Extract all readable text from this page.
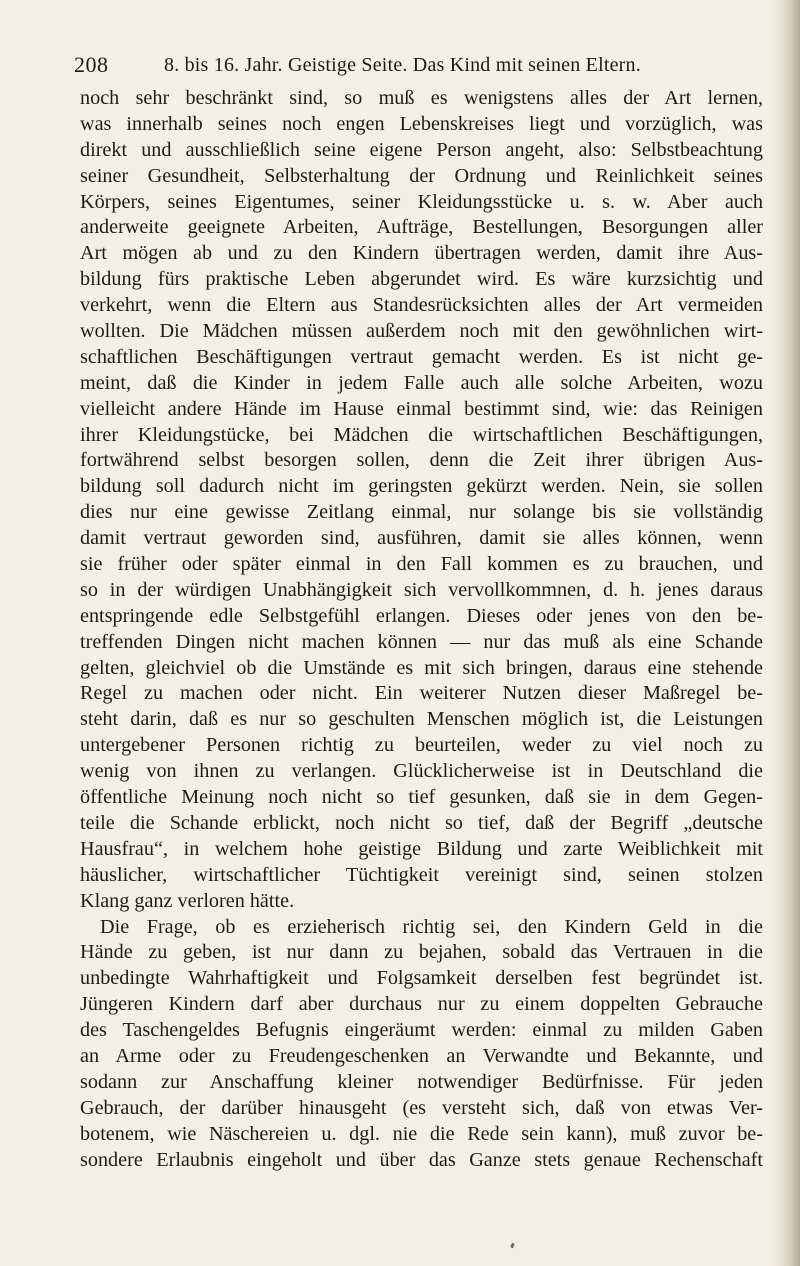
208	8. bis 16. Jahr. Geistige Seite. Das Kind mit seinen Eltern.
noch sehr beschränkt sind, so muß es wenigstens alles der Art lernen,
was innerhalb seines noch engen Lebenskreises liegt und vorzüglich, was
direkt und ausschließlich seine eigene Person angeht, also: Selbstbeachtung
seiner Gesundheit, Selbsterhaltung der Ordnung und Reinlichkeit seines
Körpers, seines Eigentumes, seiner Kleidungsstücke u. s. w. Aber auch
anderweite geeignete Arbeiten, Aufträge, Bestellungen, Besorgungen aller
Art mögen ab und zu den Kindern übertragen werden, damit ihre Aus-
bildung fürs praktische Leben abgerundet wird. Es wäre kurzsichtig und
verkehrt, wenn die Eltern aus Standesrücksichten alles der Art vermeiden
wollten. Die Mädchen müssen außerdem noch mit den gewöhnlichen wirt-
schaftlichen Beschäftigungen vertraut gemacht werden. Es ist nicht ge-
meint, daß die Kinder in jedem Falle auch alle solche Arbeiten, wozu
vielleicht andere Hände im Hause einmal bestimmt sind, wie: das Reinigen
ihrer Kleidungstücke, bei Mädchen die wirtschaftlichen Beschäftigungen,
fortwährend selbst besorgen sollen, denn die Zeit ihrer übrigen Aus-
bildung soll dadurch nicht im geringsten gekürzt werden. Nein, sie sollen
dies nur eine gewisse Zeitlang einmal, nur solange bis sie vollständig
damit vertraut geworden sind, ausführen, damit sie alles können, wenn
sie früher oder später einmal in den Fall kommen es zu brauchen, und
so in der würdigen Unabhängigkeit sich vervollkommnen, d. h. jenes daraus
entspringende edle Selbstgefühl erlangen. Dieses oder jenes von den be-
treffenden Dingen nicht machen können — nur das muß als eine Schande
gelten, gleichviel ob die Umstände es mit sich bringen, daraus eine stehende
Regel zu machen oder nicht. Ein weiterer Nutzen dieser Maßregel be-
steht darin, daß es nur so geschulten Menschen möglich ist, die Leistungen
untergebener Personen richtig zu beurteilen, weder zu viel noch zu
wenig von ihnen zu verlangen. Glücklicherweise ist in Deutschland die
öffentliche Meinung noch nicht so tief gesunken, daß sie in dem Gegen-
teile die Schande erblickt, noch nicht so tief, daß der Begriff „deutsche
Hausfrau“, in welchem hohe geistige Bildung und zarte Weiblichkeit mit
häuslicher, wirtschaftlicher Tüchtigkeit vereinigt sind, seinen stolzen
Klang ganz verloren hätte.
Die Frage, ob es erzieherisch richtig sei, den Kindern Geld in die
Hände zu geben, ist nur dann zu bejahen, sobald das Vertrauen in die
unbedingte Wahrhaftigkeit und Folgsamkeit derselben fest begründet ist.
Jüngeren Kindern darf aber durchaus nur zu einem doppelten Gebrauche
des Taschengeldes Befugnis eingeräumt werden: einmal zu milden Gaben
an Arme oder zu Freudengeschenken an Verwandte und Bekannte, und
sodann zur Anschaffung kleiner notwendiger Bedürfnisse. Für jeden
Gebrauch, der darüber hinausgeht (es versteht sich, daß von etwas Ver-
botenem, wie Näschereien u. dgl. nie die Rede sein kann), muß zuvor be-
sondere Erlaubnis eingeholt und über das Ganze stets genaue Rechenschaft
